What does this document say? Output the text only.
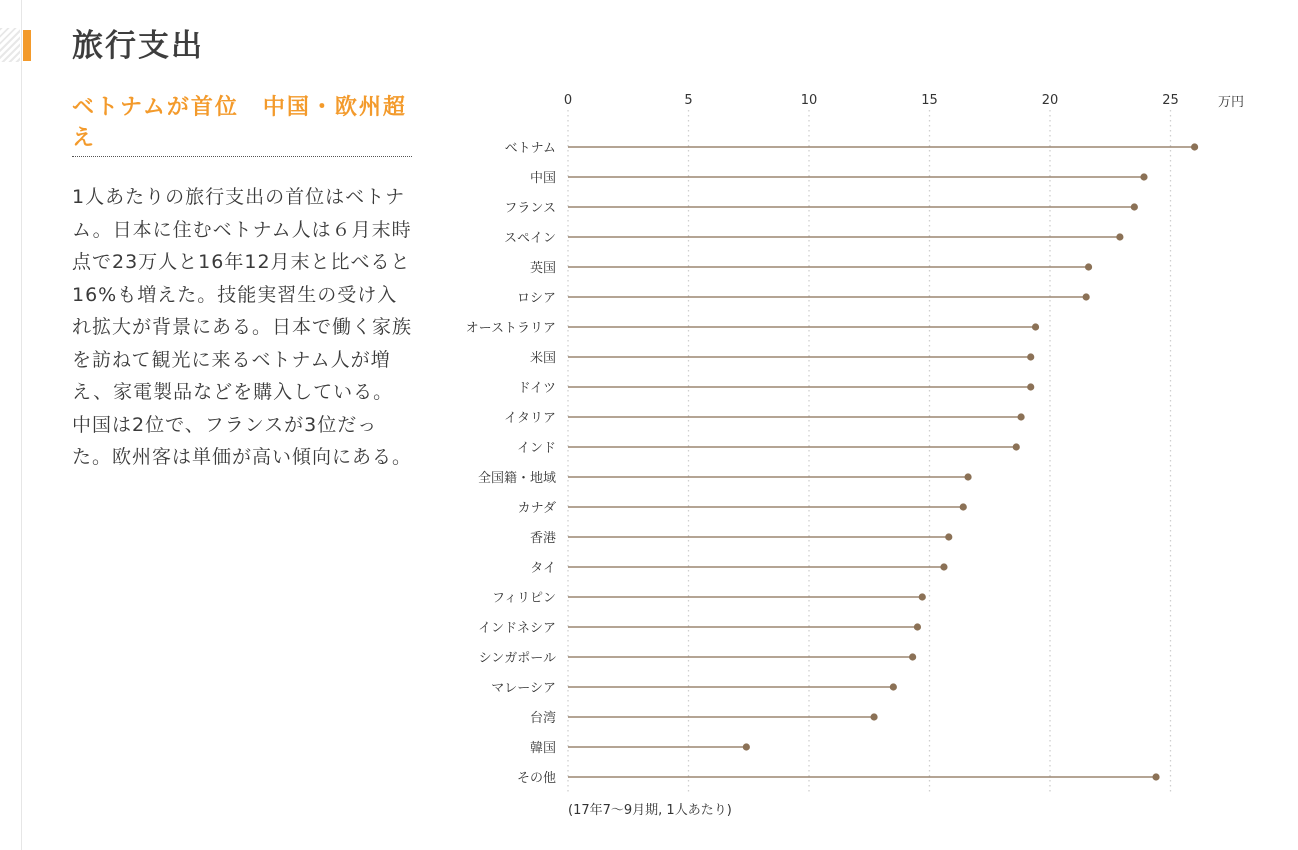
旅行支出
ベトナムが首位　中国・欧州超え

1人あたりの旅行支出の首位はベトナム。日本に住むベトナム人は６月末時点で23万人と16年12月末と比べると16%も増えた。技能実習生の受け入れ拡大が背景にある。日本で働く家族を訪ねて観光に来るベトナム人が増え、家電製品などを購入している。中国は2位で、フランスが3位だった。欧州客は単価が高い傾向にある。

0	5	10	15	20	25	万円
ベトナム
中国
フランス
スペイン
英国
ロシア
オーストラリア
米国
ドイツ
イタリア
インド
全国籍・地域
カナダ
香港
タイ
フィリピン
インドネシア
シンガポール
マレーシア
台湾
韓国
その他
(17年7～9月期, 1人あたり)
